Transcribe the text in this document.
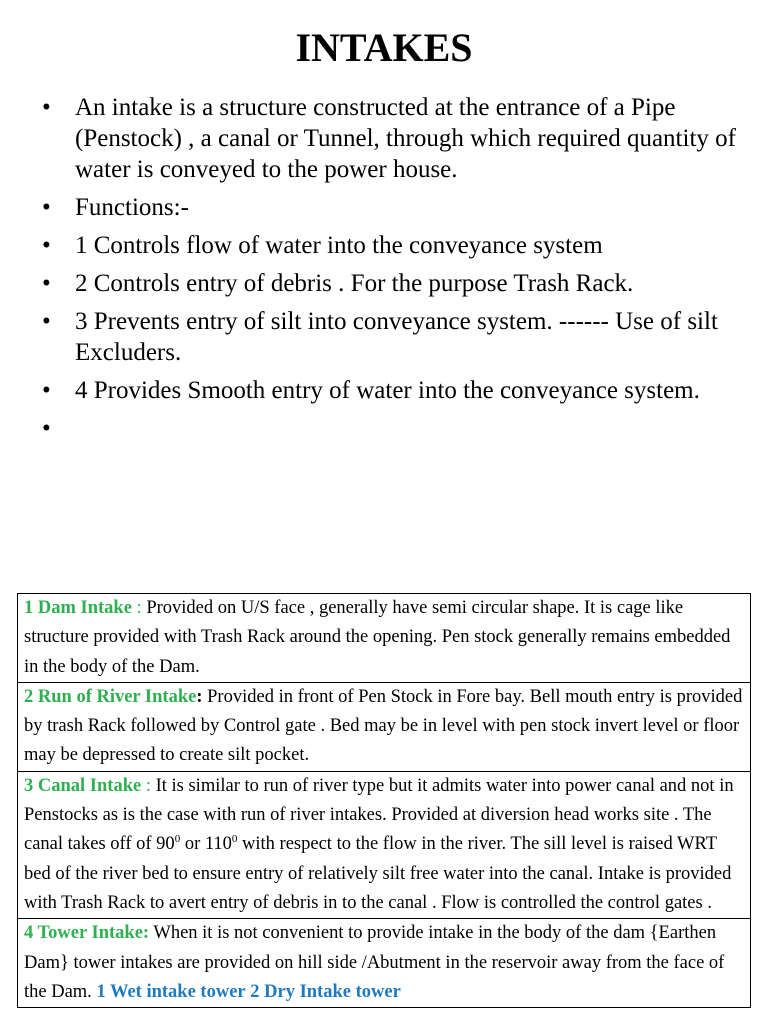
INTAKES
• An intake is a structure constructed at the entrance of a Pipe (Penstock) , a canal or Tunnel, through which required quantity of water is conveyed to the power house.
• Functions:-
• 1 Controls flow of water into the conveyance system
• 2 Controls entry of debris . For the purpose Trash Rack.
• 3 Prevents entry of silt into conveyance system. ------ Use of silt Excluders.
• 4 Provides Smooth entry of water into the conveyance system.
•
1 Dam Intake : Provided on U/S face , generally have semi circular shape. It is cage like structure provided with Trash Rack around the opening. Pen stock generally remains embedded in the body of the Dam.
2 Run of River Intake: Provided in front of Pen Stock in Fore bay. Bell mouth entry is provided by trash Rack followed by Control gate . Bed may be in level with pen stock invert level or floor may be depressed to create silt pocket.
3 Canal Intake : It is similar to run of river type but it admits water into power canal and not in Penstocks as is the case with run of river intakes. Provided at diversion head works site . The canal takes off of $90^0$ or $110^0$ with respect to the flow in the river. The sill level is raised WRT bed of the river bed to ensure entry of relatively silt free water into the canal. Intake is provided with Trash Rack to avert entry of debris in to the canal . Flow is controlled the control gates .
4 Tower Intake: When it is not convenient to provide intake in the body of the dam {Earthen Dam} tower intakes are provided on hill side /Abutment in the reservoir away from the face of the Dam. 1 Wet intake tower 2 Dry Intake tower
